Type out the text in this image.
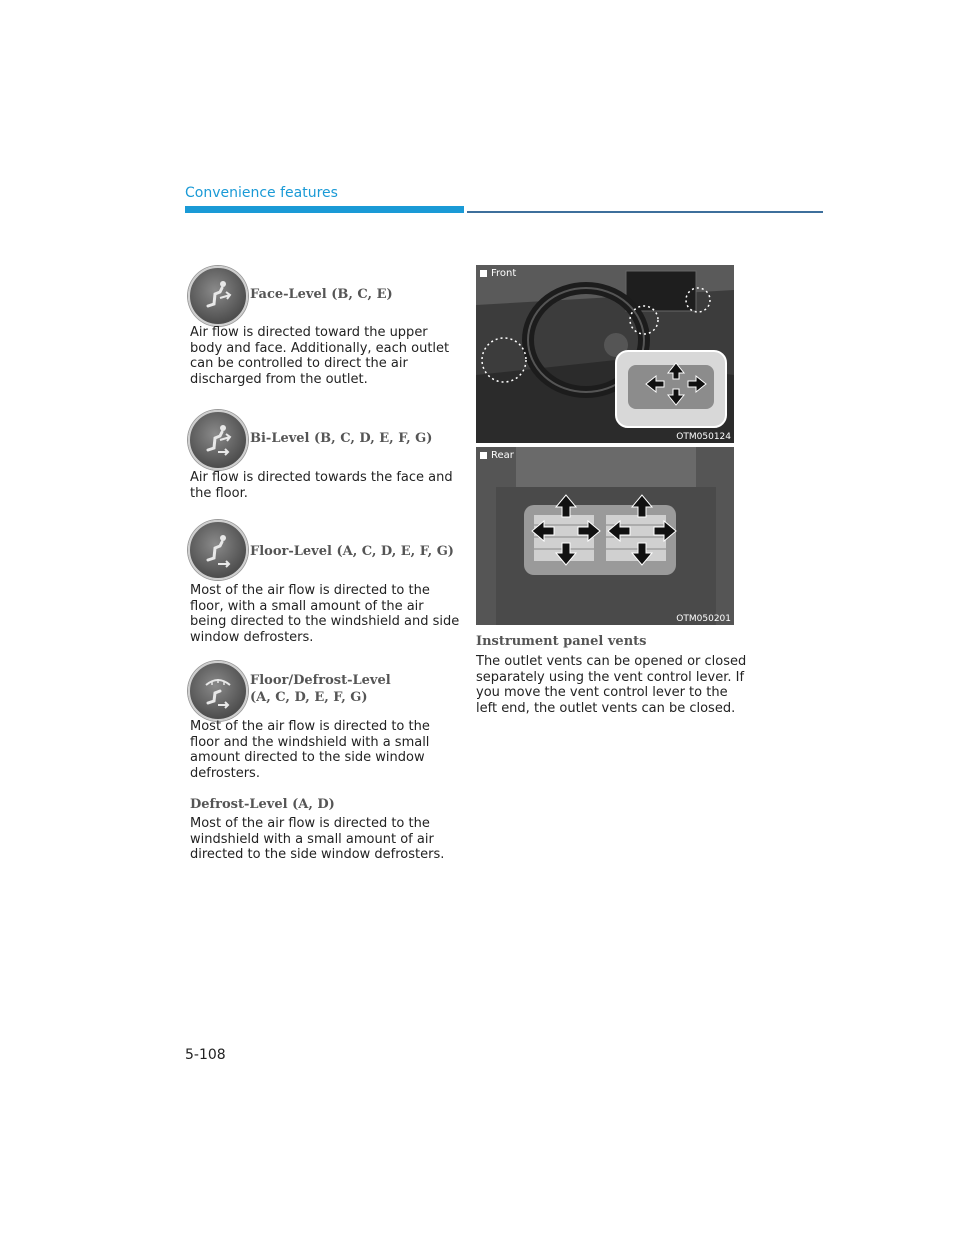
Convenience features
Face-Level (B, C, E)
Air flow is directed toward the upper body and face. Additionally, each outlet can be controlled to direct the air discharged from the outlet.
Bi-Level (B, C, D, E, F, G)
Air flow is directed towards the face and the floor.
Floor-Level (A, C, D, E, F, G)
Most of the air flow is directed to the floor, with a small amount of the air being directed to the windshield and side window defrosters.
Floor/Defrost-Level
(A, C, D, E, F, G)
Most of the air flow is directed to the floor and the windshield with a small amount directed to the side window defrosters.
Defrost-Level (A, D)
Most of the air flow is directed to the windshield with a small amount of air directed to the side window defrosters.
Front
OTM050124
Rear
OTM050201
Instrument panel vents
The outlet vents can be opened or closed separately using the vent control lever. If you move the vent control lever to the left end, the outlet vents can be closed.
5-108
